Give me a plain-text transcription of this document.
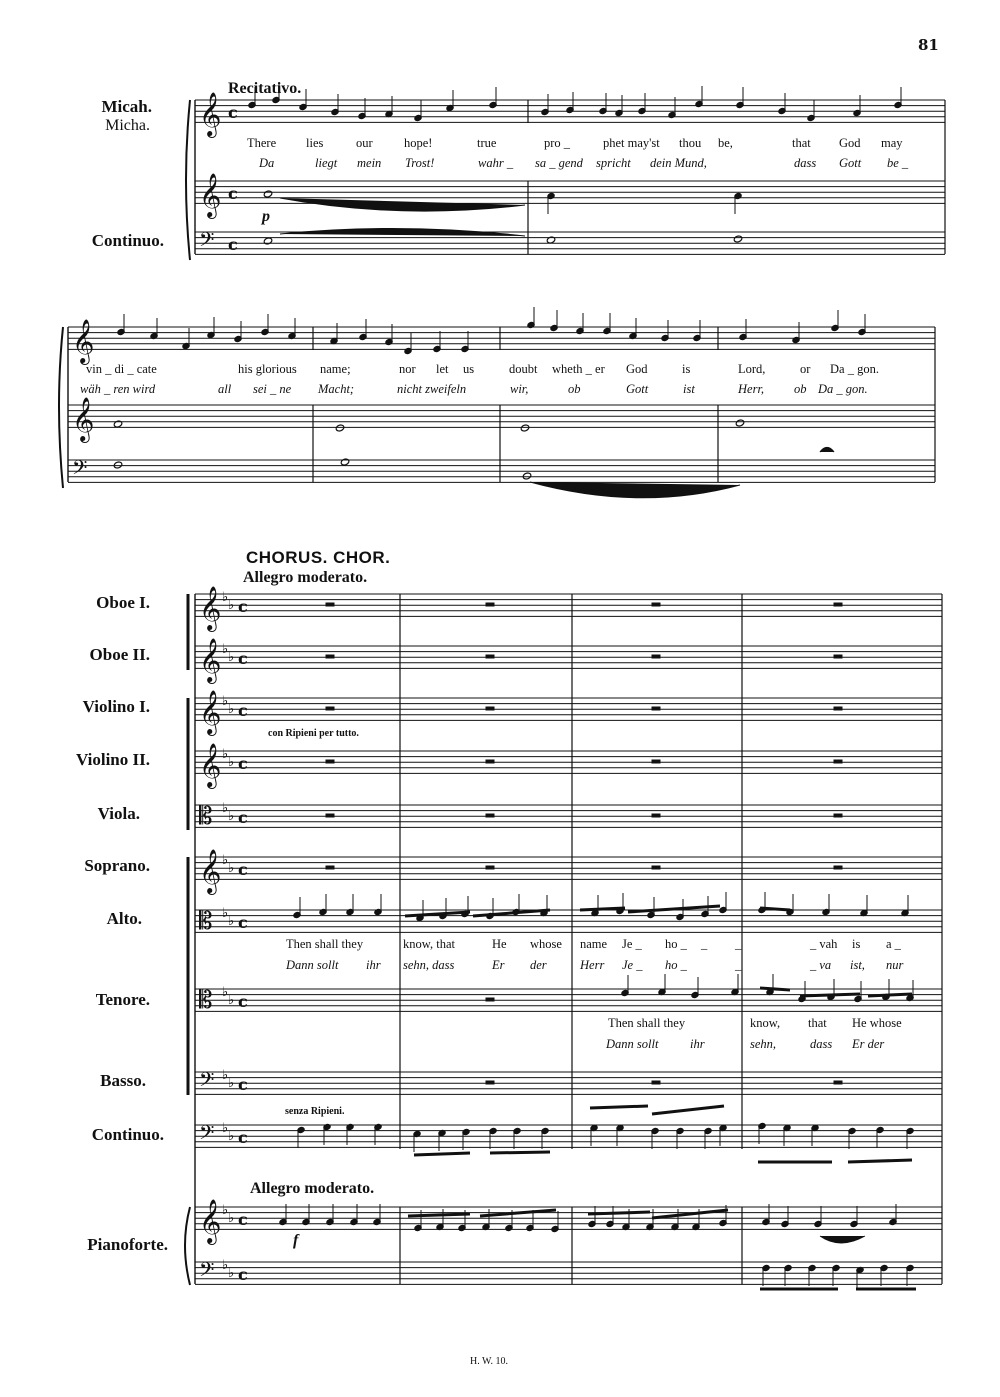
81
Recitativo.
Micah.
Micha.
Continuo.
p
There lies	our	hope!	true	pro _	phet may'st thou be,	that God may
Da	liegt mein Trost!	wahr _ sa _ gend spricht dein Mund,	dass Gott be _
vin _ di _ cate	his glorious name;	nor let us	doubt wheth _ er God	is	Lord,	or Da _ gon.
wäh _ ren wird	all sei _ ne Macht;	nicht zweifeln	wir,	ob	Gott	ist	Herr, ob Da _ gon.
CHORUS. CHOR.
Allegro moderato.
Oboe I.
Oboe II.
Violino I.
Violino II.
Viola.
Soprano.
Alto.
Tenore.
Basso.
Continuo.
Pianoforte.
con Ripieni per tutto.
senza Ripieni.
Then shall they	know, that	He whose name Je _ ho _ _ _	_ vah is a _
Dann sollt ihr sehn, dass	Er der	Herr Je _ ho _	_	_ va ist, nur
Then shall they	know, that He whose
Dann sollt	ihr	sehn,	dass Er der
Allegro moderato.
f
H. W. 10.
𝄞 c
𝄞 c
𝄢 c
𝄞
𝄞
𝄢
𝄞 ♭
♭ c
𝄞 ♭
♭ c
𝄞 ♭
♭ c
𝄞 ♭
♭ c
𝄡 ♭
♭ c
𝄞 ♭
♭ c
𝄡 ♭
♭ c
𝄡 ♭
♭ c
𝄢 ♭
♭ c
𝄢 ♭
♭ c
𝄞 ♭
♭ c
𝄢 ♭
♭ c
